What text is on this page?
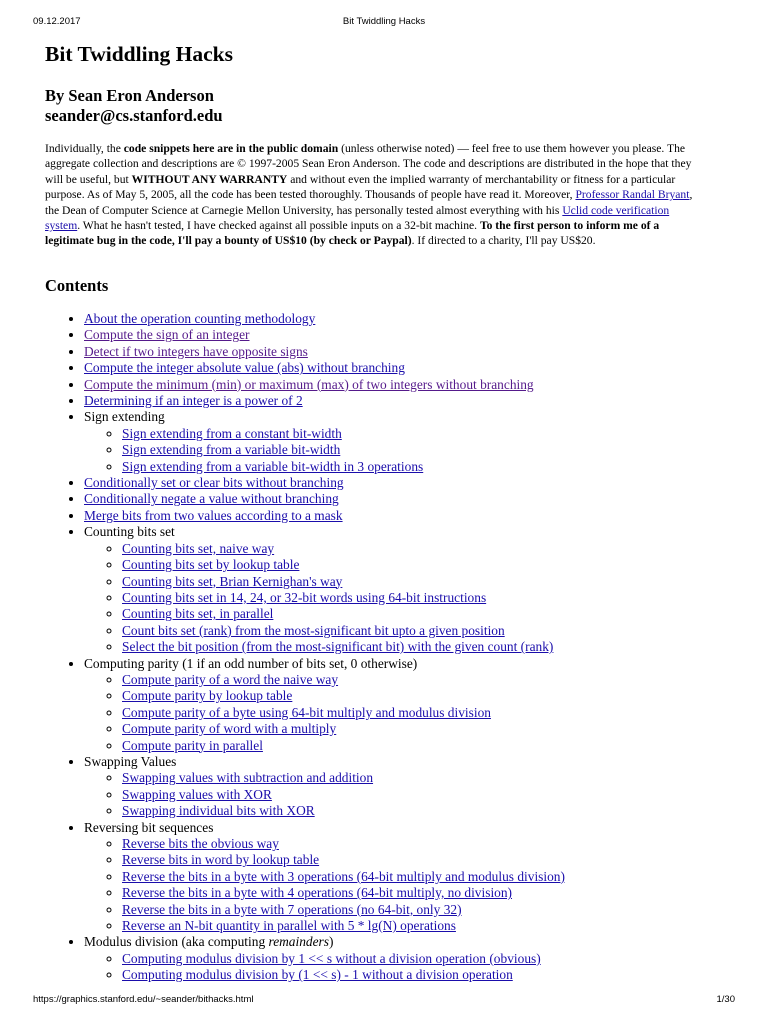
09.12.2017	Bit Twiddling Hacks
Bit Twiddling Hacks
By Sean Eron Anderson
seander@cs.stanford.edu

Individually, the code snippets here are in the public domain (unless otherwise noted) — feel free to use them however you please. The aggregate collection and descriptions are © 1997-2005 Sean Eron Anderson. The code and descriptions are distributed in the hope that they will be useful, but WITHOUT ANY WARRANTY and without even the implied warranty of merchantability or fitness for a particular purpose. As of May 5, 2005, all the code has been tested thoroughly. Thousands of people have read it. Moreover, Professor Randal Bryant, the Dean of Computer Science at Carnegie Mellon University, has personally tested almost everything with his Uclid code verification system. What he hasn't tested, I have checked against all possible inputs on a 32-bit machine. To the first person to inform me of a legitimate bug in the code, I'll pay a bounty of US$10 (by check or Paypal). If directed to a charity, I'll pay US$20.

Contents
• About the operation counting methodology
• Compute the sign of an integer
• Detect if two integers have opposite signs
• Compute the integer absolute value (abs) without branching
• Compute the minimum (min) or maximum (max) of two integers without branching
• Determining if an integer is a power of 2
• Sign extending
◦ Sign extending from a constant bit-width
◦ Sign extending from a variable bit-width
◦ Sign extending from a variable bit-width in 3 operations
• Conditionally set or clear bits without branching
• Conditionally negate a value without branching
• Merge bits from two values according to a mask
• Counting bits set
◦ Counting bits set, naive way
◦ Counting bits set by lookup table
◦ Counting bits set, Brian Kernighan's way
◦ Counting bits set in 14, 24, or 32-bit words using 64-bit instructions
◦ Counting bits set, in parallel
◦ Count bits set (rank) from the most-significant bit upto a given position
◦ Select the bit position (from the most-significant bit) with the given count (rank)
• Computing parity (1 if an odd number of bits set, 0 otherwise)
◦ Compute parity of a word the naive way
◦ Compute parity by lookup table
◦ Compute parity of a byte using 64-bit multiply and modulus division
◦ Compute parity of word with a multiply
◦ Compute parity in parallel
• Swapping Values
◦ Swapping values with subtraction and addition
◦ Swapping values with XOR
◦ Swapping individual bits with XOR
• Reversing bit sequences
◦ Reverse bits the obvious way
◦ Reverse bits in word by lookup table
◦ Reverse the bits in a byte with 3 operations (64-bit multiply and modulus division)
◦ Reverse the bits in a byte with 4 operations (64-bit multiply, no division)
◦ Reverse the bits in a byte with 7 operations (no 64-bit, only 32)
◦ Reverse an N-bit quantity in parallel with 5 * lg(N) operations
• Modulus division (aka computing remainders)
◦ Computing modulus division by 1 << s without a division operation (obvious)
◦ Computing modulus division by (1 << s) - 1 without a division operation
https://graphics.stanford.edu/~seander/bithacks.html	1/30
